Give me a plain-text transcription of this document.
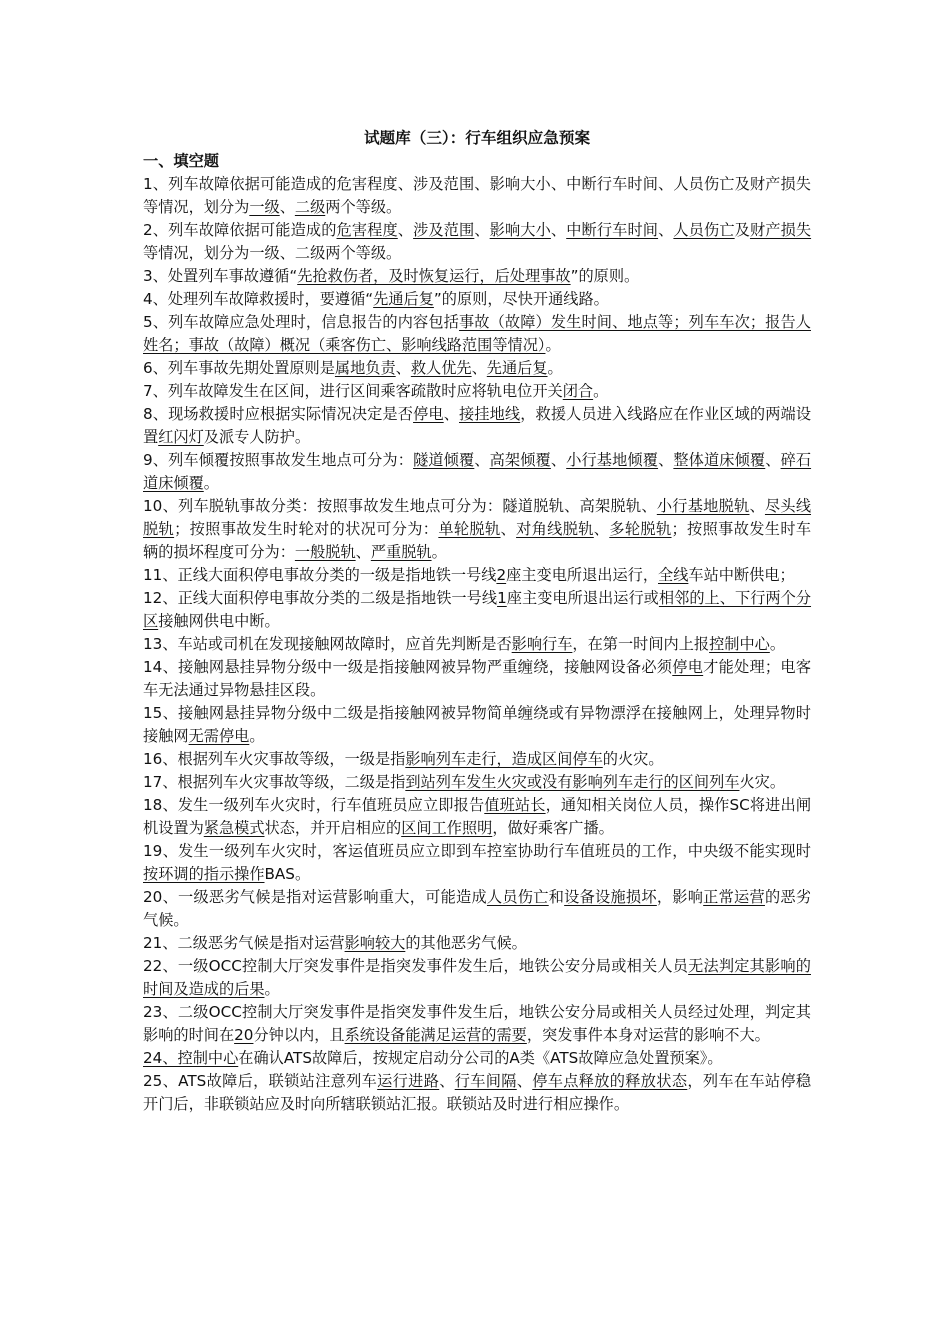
试题库（三）：行车组织应急预案

一、填空题

1、列车故障依据可能造成的危害程度、涉及范围、影响大小、中断行车时间、人员伤亡及财产损失等情况，划分为一级、二级两个等级。

2、列车故障依据可能造成的危害程度、涉及范围、影响大小、中断行车时间、人员伤亡及财产损失等情况，划分为一级、二级两个等级。

3、处置列车事故遵循“先抢救伤者，及时恢复运行，后处理事故”的原则。

4、处理列车故障救援时，要遵循“先通后复”的原则，尽快开通线路。

5、列车故障应急处理时，信息报告的内容包括事故（故障）发生时间、地点等；列车车次；报告人姓名；事故（故障）概况（乘客伤亡、影响线路范围等情况）。

6、列车事故先期处置原则是属地负责、救人优先、先通后复。

7、列车故障发生在区间，进行区间乘客疏散时应将轨电位开关闭合。

8、现场救援时应根据实际情况决定是否停电、接挂地线，救援人员进入线路应在作业区域的两端设置红闪灯及派专人防护。

9、列车倾覆按照事故发生地点可分为：隧道倾覆、高架倾覆、小行基地倾覆、整体道床倾覆、碎石道床倾覆。

10、列车脱轨事故分类：按照事故发生地点可分为：隧道脱轨、高架脱轨、小行基地脱轨、尽头线脱轨；按照事故发生时轮对的状况可分为：单轮脱轨、对角线脱轨、多轮脱轨；按照事故发生时车辆的损坏程度可分为：一般脱轨、严重脱轨。

11、正线大面积停电事故分类的一级是指地铁一号线2座主变电所退出运行，全线车站中断供电；

12、正线大面积停电事故分类的二级是指地铁一号线1座主变电所退出运行或相邻的上、下行两个分区接触网供电中断。

13、车站或司机在发现接触网故障时，应首先判断是否影响行车，在第一时间内上报控制中心。

14、接触网悬挂异物分级中一级是指接触网被异物严重缠绕，接触网设备必须停电才能处理；电客车无法通过异物悬挂区段。

15、接触网悬挂异物分级中二级是指接触网被异物简单缠绕或有异物漂浮在接触网上，处理异物时接触网无需停电。

16、根据列车火灾事故等级，一级是指影响列车走行，造成区间停车的火灾。

17、根据列车火灾事故等级，二级是指到站列车发生火灾或没有影响列车走行的区间列车火灾。

18、发生一级列车火灾时，行车值班员应立即报告值班站长，通知相关岗位人员，操作SC将进出闸机设置为紧急模式状态，并开启相应的区间工作照明，做好乘客广播。

19、发生一级列车火灾时，客运值班员应立即到车控室协助行车值班员的工作，中央级不能实现时按环调的指示操作BAS。

20、一级恶劣气候是指对运营影响重大，可能造成人员伤亡和设备设施损坏，影响正常运营的恶劣气候。

21、二级恶劣气候是指对运营影响较大的其他恶劣气候。

22、一级OCC控制大厅突发事件是指突发事件发生后，地铁公安分局或相关人员无法判定其影响的时间及造成的后果。

23、二级OCC控制大厅突发事件是指突发事件发生后，地铁公安分局或相关人员经过处理，判定其影响的时间在20分钟以内，且系统设备能满足运营的需要，突发事件本身对运营的影响不大。

24、控制中心在确认ATS故障后，按规定启动分公司的A类《ATS故障应急处置预案》。

25、ATS故障后，联锁站注意列车运行进路、行车间隔、停车点释放的释放状态，列车在车站停稳开门后，非联锁站应及时向所辖联锁站汇报。联锁站及时进行相应操作。
